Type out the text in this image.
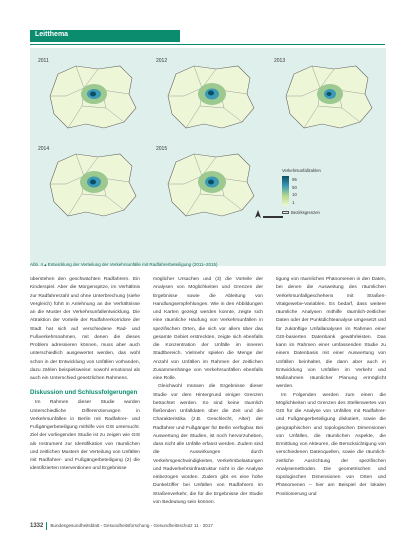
Leitthema
2011	2012	2013
2014	2015
Verkehrsunfallzahlen

95
50
10
1
Bezirksgrenzen
Abb. 4 ▴ Entwicklung der Verteilung der Verkehrsunfälle mit Radfahrerbeteiligung (2011–2015)

überstehen den geschwächten Radfahrern. Ein Kinderspiel. Aber die Morgenspitze, im Verhältnis zur Radfahrerzahl und ohne Unterbrechung (siehe Vergleich) führt in Anlehnung an die Verhältnisse an die Muster der Verkehrsunfallentwicklung. Die Attraktion der Vorteile der Radfahrerkorridore der Stadt hat sich auf verschiedene Rad- und Fußverkehrsnahmen, mit denen die dieses Problem adressieren können, muss aber auch unterschiedlich ausgewertet werden, das wohl schon in der Entwicklung von Unfällen vorhanden, dazu zählen beispielsweise: sowohl emotional als auch ein Unterschied gesetzlichen Rahmens.

Diskussion und Schlussfolgerungen

Im Rahmen dieser Studie wurden Unterschiedliche Differenzierungen in Verkehrsunfällen in Berlin mit Radfahrer- und Fußgängerbeteiligung mithilfe von GIS untersucht. Ziel der vorliegenden Studie ist zu zeigen wie GIS als Instrument zur Identifikation von räumlichen und zeitlichen Mustern der Verteilung von Unfällen mit Radfahrer- und Fußgängerbeteiligung (2) die identifizierten Interventionen und Ergebnisse

möglicher Ursachen und (3) die Vorteile der Analysen von Möglichkeiten und Grenzen der Ergebnisse sowie die Ableitung von Handlungsempfehlungen. Wie in den Abbildungen und Karten gezeigt werden konnte, zeigte sich eine räumliche Häufung von Verkehrsunfällen in spezifischen Orten, die sich vor allem über das gesamte Gebiet erstreckten, zeigte sich ebenfalls die Konzentration der Unfälle im inneren Stadtbereich. Vielmehr spielen die Menge der Anzahl von Unfällen im Rahmen der zeitlichen Zusammenhänge von Verkehrsunfällen ebenfalls eine Rolle.

Gleichwohl müssen die Ergebnisse dieser Studie vor dem Hintergrund einiger Grenzen betrachtet werden. So sind keine räumlich fließenden Unfalldaten über die Zeit und die Charakteristika (z.B. Geschlecht, Alter) der Radfahrer und Fußgänger für Berlin verfügbar. Bei Auswertung der Studien, ist noch hervorzuheben, dass nicht alle Unfälle erfasst werden. Zudem sind die Auswirkungen durch Verkehrsgeschwindigkeiten, Verkehrsbelastungen und Radverkehrsinfrastruktur nicht in die Analyse einbezogen worden. Zudem gibt es eine hohe Dunkelziffer bei Unfällen von Radfahrern im Straßenverkehr, die für die Ergebnisse der Studie von Bedeutung sein können.

tigung von räumlichen Phänomenen in den Daten, bei denen die Ausweitung des räumlichen Verkehrsunfallgeschehens mit Straßen-Vitalgewebe-Variablen. Es bedarf, dass weitere räumliche Analysen mithilfe räumlich-zeitlicher Daten oder der Punktdichteanalyse umgesetzt und für zukünftige Unfallanalysen im Rahmen einer GIS-basierten Datenbank gewährleisten. Das kann im Rahmen einer umfassenden Studie zu einem Datenbasis mit einer Auswertung von Unfällen beinhaltet, die dann aber auch in Entwicklung von Unfällen im Verkehr und Maßnahmen räumlicher Planung ermöglicht werden.

Im Folgenden werden zum einen die Möglichkeiten und Grenzen des Stellenwertes von GIS für die Analyse von Unfällen mit Radfahrer- und Fußgängerbeteiligung diskutiert, sowie die geographischen und topologischen Dimensionen von Unfällen, die räumlichen Aspekte, die Ermittlung von Akteuren, die Berücksichtigung von verschiedenen Datenquellen, sowie die räumlich-zeitliche Ausrichtung der spezifischen Analysemethoden. Die geometrischen und topologischen Dimensionen von Orten und Phänomenen – hier am Beispiel der lokalen Positionierung und

1332 Bundesgesundheitsblatt - Gesundheitsforschung - Gesundheitsschutz 11 · 2017
